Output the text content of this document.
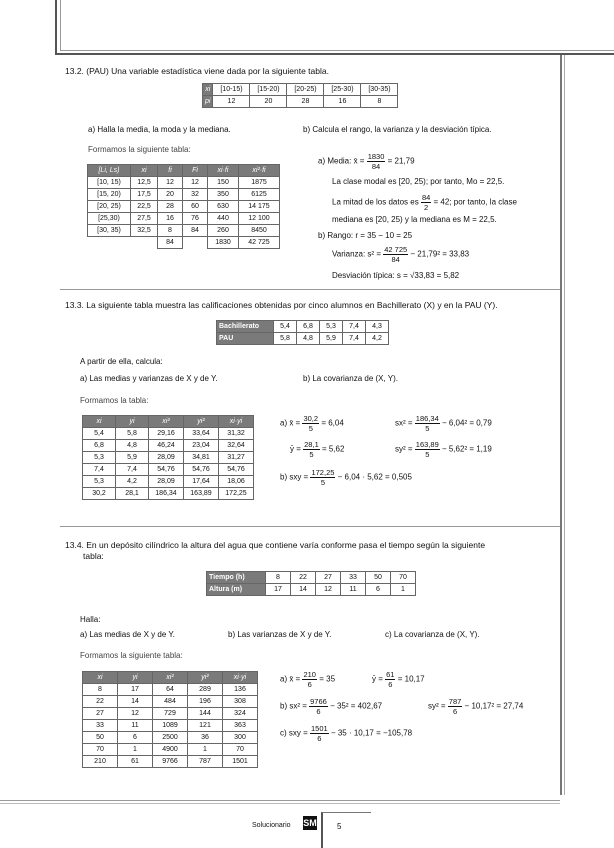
13.2. (PAU) Una variable estadística viene dada por la siguiente tabla.
xi	[10-15)	[15-20)	[20-25)	[25-30)	[30-35)
pi	12	20	28	16	8
a) Halla la media, la moda y la mediana.	b) Calcula el rango, la varianza y la desviación típica.
Formamos la siguiente tabla:
[Li, Ls)	xi	fi	Fi	xi·fi	xi²·fi
[10, 15)	12,5	12	12	150	1875
[15, 20)	17,5	20	32	350	6125
[20, 25)	22,5	28	60	630	14 175
[25,30)	27,5	16	76	440	12 100
[30, 35)	32,5	8	84	260	8450
		84		1830	42 725
a) Media: x̄ = $\frac{1830}{84} = 21,79$
La clase modal es [20, 25); por tanto, Mo = 22,5.
La mitad de los datos es $\frac{84}{2} = 42$; por tanto, la clase
mediana es [20, 25) y la mediana es M = 22,5.
b) Rango: r = 35 − 10 = 25
Varianza: $s^2 = \frac{42 725}{84} - 21,79^2 = 33,83$
Desviación típica: s = √33,83 = 5,82
13.3. La siguiente tabla muestra las calificaciones obtenidas por cinco alumnos en Bachillerato (X) y en la PAU (Y).
Bachillerato	5,4	6,8	5,3	7,4	4,3
PAU	5,8	4,8	5,9	7,4	4,2
A partir de ella, calcula:
a) Las medias y varianzas de X y de Y.	b) La covarianza de (X, Y).
Formamos la tabla:
xi	yi	xi²	yi²	xi·yi
5,4	5,8	29,16	33,64	31,32
6,8	4,8	46,24	23,04	32,64
5,3	5,9	28,09	34,81	31,27
7,4	7,4	54,76	54,76	54,76
5,3	4,2	28,09	17,64	18,06
30,2	28,1	186,34	163,89	172,25
a) x̄ = $\frac{30,2}{5} = 6,04$	$sx^2 = \frac{186,34}{5} - 6,04^2 = 0,79$
ȳ = $\frac{28,1}{5} = 5,62$	$sy^2 = \frac{163,89}{5} - 5,62^2 = 1,19$
b) sxy = $\frac{172,25}{5} - 6,04 \cdot 5,62 = 0,505$
13.4. En un depósito cilíndrico la altura del agua que contiene varía conforme pasa el tiempo según la siguiente
tabla:
Tiempo (h)	8	22	27	33	50	70
Altura (m)	17	14	12	11	6	1
Halla:
a) Las medias de X y de Y.	b) Las varianzas de X y de Y.	c) La covarianza de (X, Y).
Formamos la siguiente tabla:
xi	yi	xi²	yi²	xi·yi
8	17	64	289	136
22	14	484	196	308
27	12	729	144	324
33	11	1089	121	363
50	6	2500	36	300
70	1	4900	1	70
210	61	9766	787	1501
a) x̄ = $\frac{210}{6} = 35$	ȳ = $\frac{61}{6} = 10,17$
b) $sx^2 = \frac{9766}{6} - 35^2 = 402,67$	$sy^2 = \frac{787}{6} - 10,17^2 = 27,74$
c) sxy = $\frac{1501}{6} - 35 \cdot 10,17 = -105,78$
Solucionario SM	5
